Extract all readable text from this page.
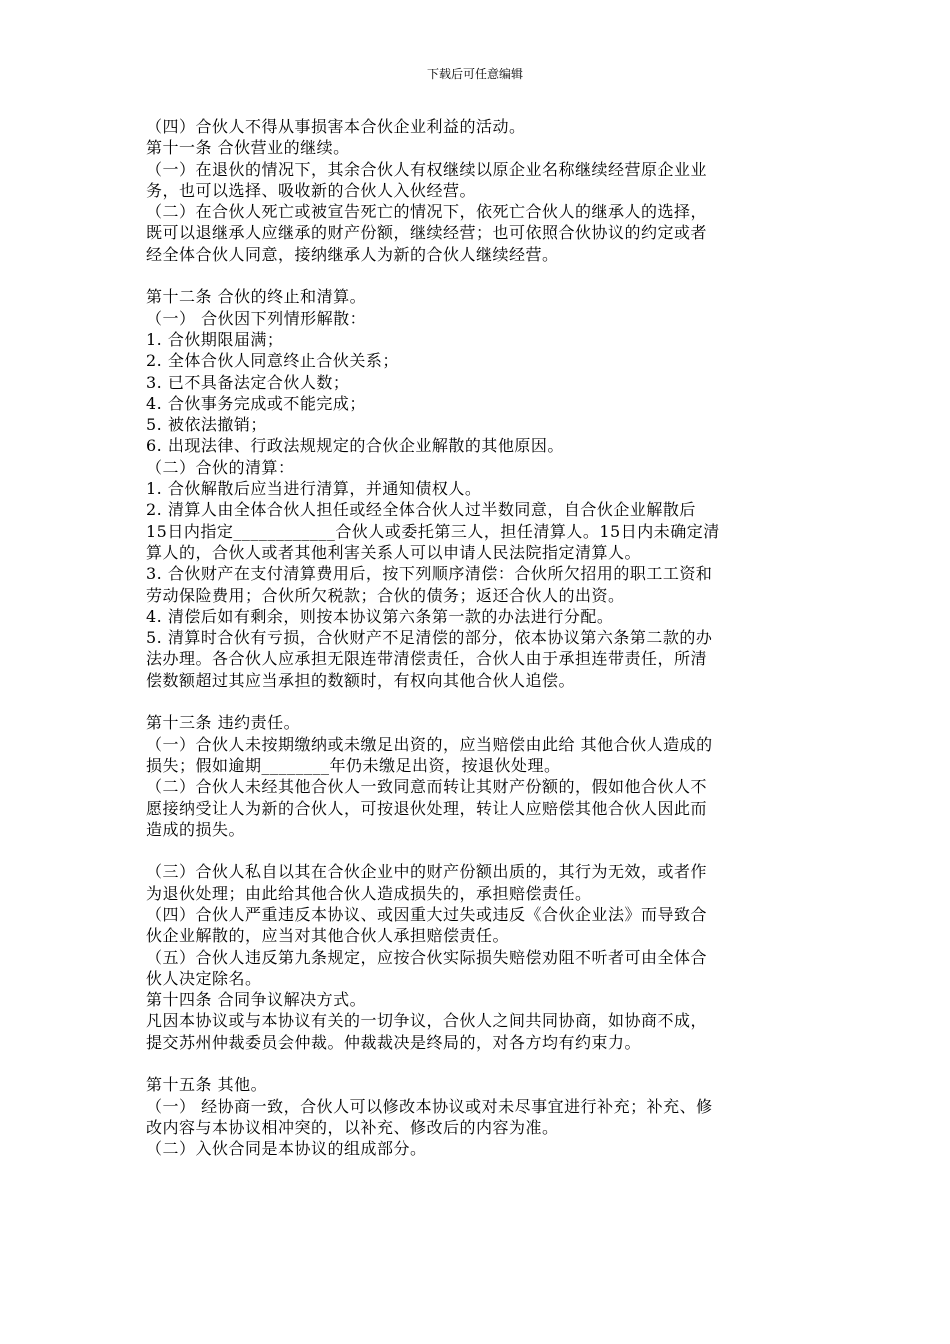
下载后可任意编辑
（四）合伙人不得从事损害本合伙企业利益的活动。
第十一条 合伙营业的继续。
（一）在退伙的情况下，其余合伙人有权继续以原企业名称继续经营原企业业
务，也可以选择、吸收新的合伙人入伙经营。
（二）在合伙人死亡或被宣告死亡的情况下，依死亡合伙人的继承人的选择，
既可以退继承人应继承的财产份额，继续经营；也可依照合伙协议的约定或者
经全体合伙人同意，接纳继承人为新的合伙人继续经营。
第十二条 合伙的终止和清算。
（一） 合伙因下列情形解散：
1. 合伙期限届满；
2. 全体合伙人同意终止合伙关系；
3. 已不具备法定合伙人数；
4. 合伙事务完成或不能完成；
5. 被依法撤销；
6. 出现法律、行政法规规定的合伙企业解散的其他原因。
（二）合伙的清算：
1. 合伙解散后应当进行清算，并通知债权人。
2. 清算人由全体合伙人担任或经全体合伙人过半数同意，自合伙企业解散后
15日内指定____________合伙人或委托第三人，担任清算人。15日内未确定清
算人的，合伙人或者其他利害关系人可以申请人民法院指定清算人。
3. 合伙财产在支付清算费用后，按下列顺序清偿：合伙所欠招用的职工工资和
劳动保险费用；合伙所欠税款；合伙的债务；返还合伙人的出资。
4. 清偿后如有剩余，则按本协议第六条第一款的办法进行分配。
5. 清算时合伙有亏损，合伙财产不足清偿的部分，依本协议第六条第二款的办
法办理。各合伙人应承担无限连带清偿责任，合伙人由于承担连带责任，所清
偿数额超过其应当承担的数额时，有权向其他合伙人追偿。
第十三条 违约责任。
（一）合伙人未按期缴纳或未缴足出资的，应当赔偿由此给 其他合伙人造成的
损失；假如逾期________年仍未缴足出资，按退伙处理。
（二）合伙人未经其他合伙人一致同意而转让其财产份额的，假如他合伙人不
愿接纳受让人为新的合伙人，可按退伙处理，转让人应赔偿其他合伙人因此而
造成的损失。
（三）合伙人私自以其在合伙企业中的财产份额出质的，其行为无效，或者作
为退伙处理；由此给其他合伙人造成损失的，承担赔偿责任。
（四）合伙人严重违反本协议、或因重大过失或违反《合伙企业法》而导致合
伙企业解散的，应当对其他合伙人承担赔偿责任。
（五）合伙人违反第九条规定，应按合伙实际损失赔偿劝阻不听者可由全体合
伙人决定除名。
第十四条 合同争议解决方式。
凡因本协议或与本协议有关的一切争议，合伙人之间共同协商，如协商不成，
提交苏州仲裁委员会仲裁。仲裁裁决是终局的，对各方均有约束力。
第十五条 其他。
（一） 经协商一致，合伙人可以修改本协议或对未尽事宜进行补充；补充、修
改内容与本协议相冲突的，以补充、修改后的内容为准。
（二）入伙合同是本协议的组成部分。
